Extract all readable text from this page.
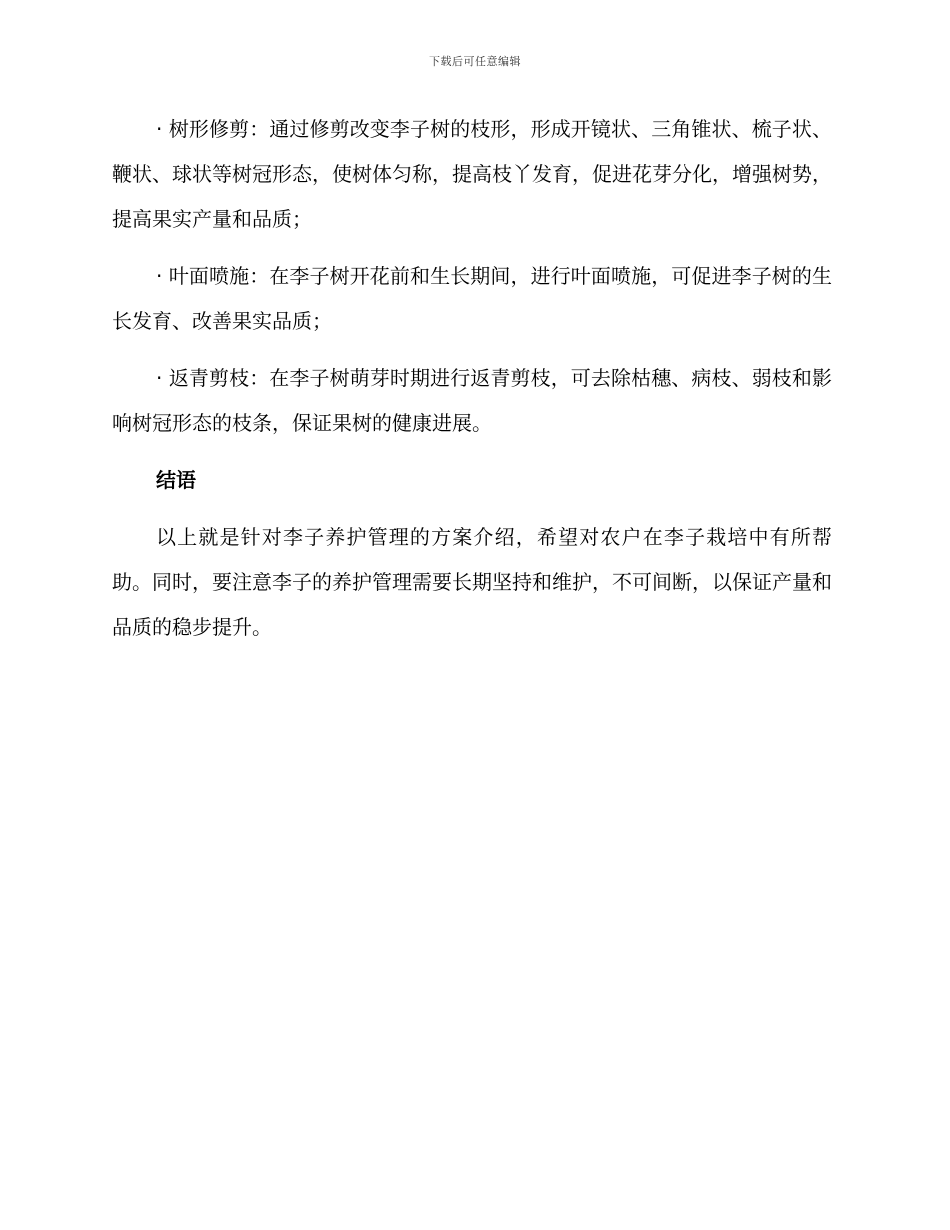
下载后可任意编辑

· 树形修剪：通过修剪改变李子树的枝形，形成开镜状、三角锥状、梳子状、鞭状、球状等树冠形态，使树体匀称，提高枝丫发育，促进花芽分化，增强树势，提高果实产量和品质；

· 叶面喷施：在李子树开花前和生长期间，进行叶面喷施，可促进李子树的生长发育、改善果实品质；

· 返青剪枝：在李子树萌芽时期进行返青剪枝，可去除枯穗、病枝、弱枝和影响树冠形态的枝条，保证果树的健康进展。

结语

以上就是针对李子养护管理的方案介绍，希望对农户在李子栽培中有所帮助。同时，要注意李子的养护管理需要长期坚持和维护，不可间断，以保证产量和品质的稳步提升。
